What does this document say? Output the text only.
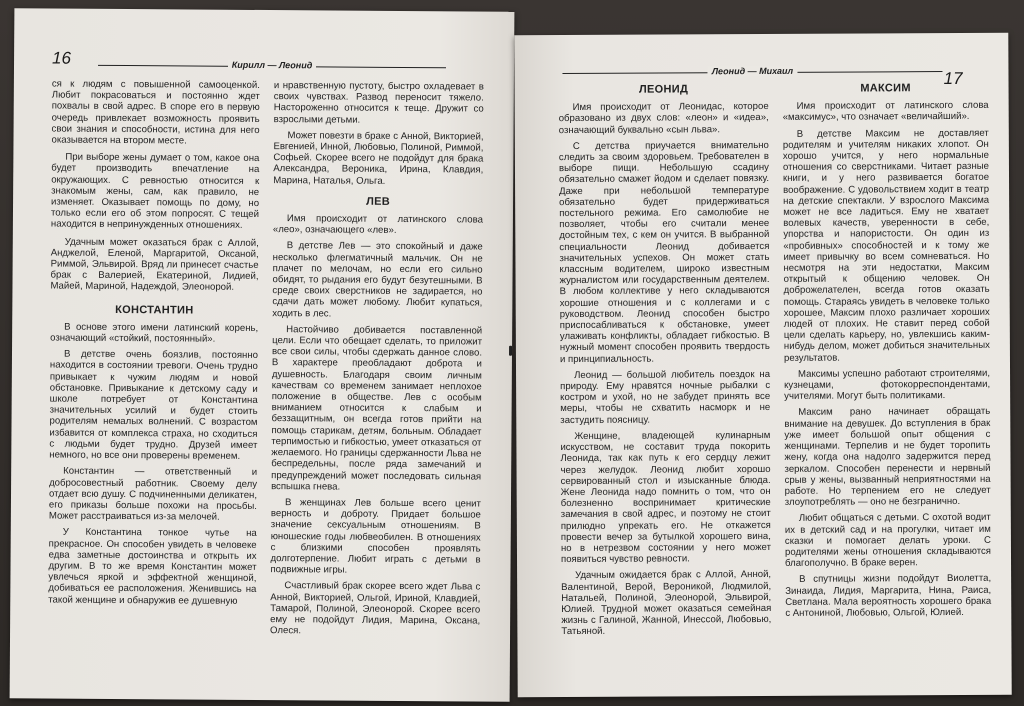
16	Кирилл — Леонид

ся к людям с повышенной самооценкой. Любит покрасоваться и постоянно ждет похвалы в свой адрес. В споре его в первую очередь привлекает возможность проявить свои знания и способности, истина для него оказывается на втором месте.

При выборе жены думает о том, какое она будет производить впечатление на окружающих. С ревностью относится к знакомым жены, сам, как правило, не изменяет. Оказывает помощь по дому, но только если его об этом попросят. С тещей находится в непринужденных отношениях.

Удачным может оказаться брак с Аллой, Анджелой, Еленой, Маргаритой, Оксаной, Риммой, Эльвирой. Вряд ли принесет счастье брак с Валерией, Екатериной, Лидией, Майей, Мариной, Надеждой, Элеонорой.

КОНСТАНТИН

В основе этого имени латинский корень, означающий «стойкий, постоянный».

В детстве очень боязлив, постоянно находится в состоянии тревоги. Очень трудно привыкает к чужим людям и новой обстановке. Привыкание к детскому саду и школе потребует от Константина значительных усилий и будет стоить родителям немалых волнений. С возрастом избавится от комплекса страха, но сходиться с людьми будет трудно. Друзей имеет немного, но все они проверены временем.

Константин — ответственный и добросовестный работник. Своему делу отдает всю душу. С подчиненными деликатен, его приказы больше похожи на просьбы. Может расстраиваться из-за мелочей.

У Константина тонкое чутье на прекрасное. Он способен увидеть в человеке едва заметные достоинства и открыть их другим. В то же время Константин может увлечься яркой и эффектной женщиной, добиваться ее расположения. Женившись на такой женщине и обнаружив ее душевную

и нравственную пустоту, быстро охладевает в своих чувствах. Развод переносит тяжело. Настороженно относится к теще. Дружит со взрослыми детьми.

Может повезти в браке с Анной, Викторией, Евгенией, Инной, Любовью, Полиной, Риммой, Софьей. Скорее всего не подойдут для брака Александра, Вероника, Ирина, Клавдия, Марина, Наталья, Ольга.

ЛЕВ

Имя происходит от латинского слова «лео», означающего «лев».

В детстве Лев — это спокойный и даже несколько флегматичный мальчик. Он не плачет по мелочам, но если его сильно обидят, то рыдания его будут безутешными. В среде своих сверстников не задирается, но сдачи дать может любому. Любит купаться, ходить в лес.

Настойчиво добивается поставленной цели. Если что обещает сделать, то приложит все свои силы, чтобы сдержать данное слово. В характере преобладают доброта и душевность. Благодаря своим личным качествам со временем занимает неплохое положение в обществе. Лев с особым вниманием относится к слабым и беззащитным, он всегда готов прийти на помощь старикам, детям, больным. Обладает терпимостью и гибкостью, умеет отказаться от желаемого. Но границы сдержанности Льва не беспредельны, после ряда замечаний и предупреждений может последовать сильная вспышка гнева.

В женщинах Лев больше всего ценит верность и доброту. Придает большое значение сексуальным отношениям. В юношеские годы любвеобилен. В отношениях с близкими способен проявлять долготерпение. Любит играть с детьми в подвижные игры.

Счастливый брак скорее всего ждет Льва с Анной, Викторией, Ольгой, Ириной, Клавдией, Тамарой, Полиной, Элеонорой. Скорее всего ему не подойдут Лидия, Марина, Оксана, Олеся.

Леонид — Михаил	17
ЛЕОНИД

Имя происходит от Леонидас, которое образовано из двух слов: «леон» и «идеа», означающий буквально «сын льва».

С детства приучается внимательно следить за своим здоровьем. Требователен в выборе пищи. Небольшую ссадину обязательно смажет йодом и сделает повязку. Даже при небольшой температуре обязательно будет придерживаться постельного режима. Его самолюбие не позволяет, чтобы его считали менее достойным тех, с кем он учится. В выбранной специальности Леонид добивается значительных успехов. Он может стать классным водителем, широко известным журналистом или государственным деятелем. В любом коллективе у него складываются хорошие отношения и с коллегами и с руководством. Леонид способен быстро приспосабливаться к обстановке, умеет улаживать конфликты, обладает гибкостью. В нужный момент способен проявить твердость и принципиальность.

Леонид — большой любитель поездок на природу. Ему нравятся ночные рыбалки с костром и ухой, но не забудет принять все меры, чтобы не схватить насморк и не застудить поясницу.

Женщине, владеющей кулинарным искусством, не составит труда покорить Леонида, так как путь к его сердцу лежит через желудок. Леонид любит хорошо сервированный стол и изысканные блюда. Жене Леонида надо помнить о том, что он болезненно воспринимает критические замечания в свой адрес, и поэтому не стоит прилюдно упрекать его. Не откажется провести вечер за бутылкой хорошего вина, но в нетрезвом состоянии у него может появиться чувство ревности.

Удачным ожидается брак с Аллой, Анной, Валентиной, Верой, Вероникой, Людмилой, Натальей, Полиной, Элеонорой, Эльвирой, Юлией. Трудной может оказаться семейная жизнь с Галиной, Жанной, Инессой, Любовью, Татьяной.

МАКСИМ

Имя происходит от латинского слова «максимус», что означает «величайший».

В детстве Максим не доставляет родителям и учителям никаких хлопот. Он хорошо учится, у него нормальные отношения со сверстниками. Читает разные книги, и у него развивается богатое воображение. С удовольствием ходит в театр на детские спектакли. У взрослого Максима может не все ладиться. Ему не хватает волевых качеств, уверенности в себе, упорства и напористости. Он один из «пробивных» способностей и к тому же имеет привычку во всем сомневаться. Но несмотря на эти недостатки, Максим открытый к общению человек. Он доброжелателен, всегда готов оказать помощь. Стараясь увидеть в человеке только хорошее, Максим плохо различает хороших людей от плохих. Не ставит перед собой цели сделать карьеру, но, увлекшись каким-нибудь делом, может добиться значительных результатов.

Максимы успешно работают строителями, кузнецами, фотокорреспондентами, учителями. Могут быть политиками.

Максим рано начинает обращать внимание на девушек. До вступления в брак уже имеет большой опыт общения с женщинами. Терпелив и не будет торопить жену, когда она надолго задержится перед зеркалом. Способен перенести и нервный срыв у жены, вызванный неприятностями на работе. Но терпением его не следует злоупотреблять — оно не безгранично.

Любит общаться с детьми. С охотой водит их в детский сад и на прогулки, читает им сказки и помогает делать уроки. С родителями жены отношения складываются благополучно. В браке верен.

В спутницы жизни подойдут Виолетта, Зинаида, Лидия, Маргарита, Нина, Раиса, Светлана. Мала вероятность хорошего брака с Антониной, Любовью, Ольгой, Юлией.
